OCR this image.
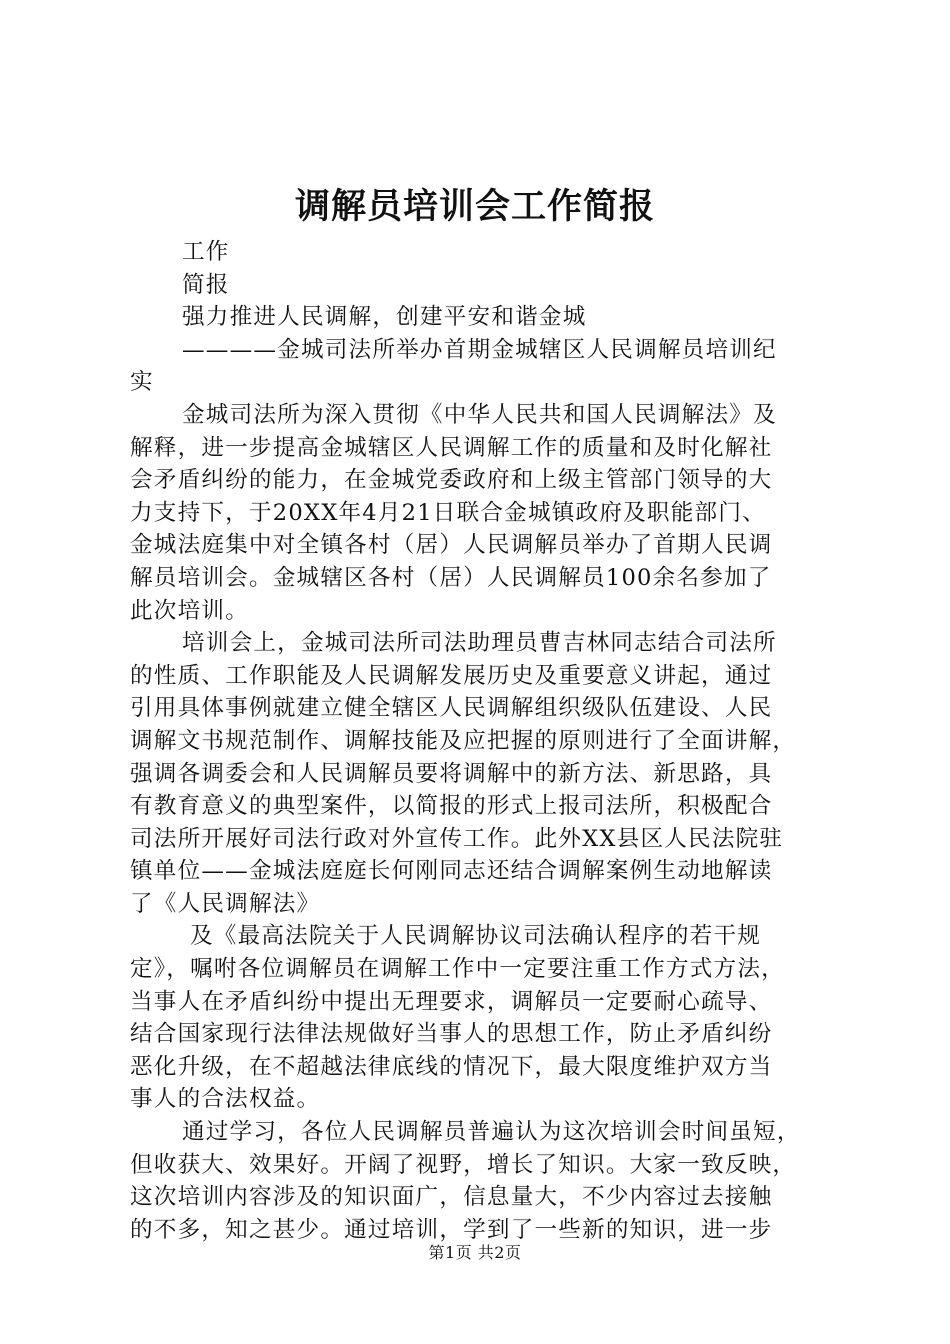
调解员培训会工作简报
工作
简报
强力推进人民调解，创建平安和谐金城
————金城司法所举办首期金城辖区人民调解员培训纪
实
金城司法所为深入贯彻《中华人民共和国人民调解法》及
解释，进一步提高金城辖区人民调解工作的质量和及时化解社
会矛盾纠纷的能力，在金城党委政府和上级主管部门领导的大
力支持下，于20XX年4月21日联合金城镇政府及职能部门、
金城法庭集中对全镇各村（居）人民调解员举办了首期人民调
解员培训会。金城辖区各村（居）人民调解员100余名参加了
此次培训。
培训会上，金城司法所司法助理员曹吉林同志结合司法所
的性质、工作职能及人民调解发展历史及重要意义讲起，通过
引用具体事例就建立健全辖区人民调解组织级队伍建设、人民
调解文书规范制作、调解技能及应把握的原则进行了全面讲解，
强调各调委会和人民调解员要将调解中的新方法、新思路，具
有教育意义的典型案件，以简报的形式上报司法所，积极配合
司法所开展好司法行政对外宣传工作。此外XX县区人民法院驻
镇单位——金城法庭庭长何刚同志还结合调解案例生动地解读
了《人民调解法》
及《最高法院关于人民调解协议司法确认程序的若干规
定》，嘱咐各位调解员在调解工作中一定要注重工作方式方法，
当事人在矛盾纠纷中提出无理要求，调解员一定要耐心疏导、
结合国家现行法律法规做好当事人的思想工作，防止矛盾纠纷
恶化升级，在不超越法律底线的情况下，最大限度维护双方当
事人的合法权益。
通过学习，各位人民调解员普遍认为这次培训会时间虽短，
但收获大、效果好。开阔了视野，增长了知识。大家一致反映，
这次培训内容涉及的知识面广，信息量大，不少内容过去接触
的不多，知之甚少。通过培训，学到了一些新的知识，进一步
第1页 共2页
